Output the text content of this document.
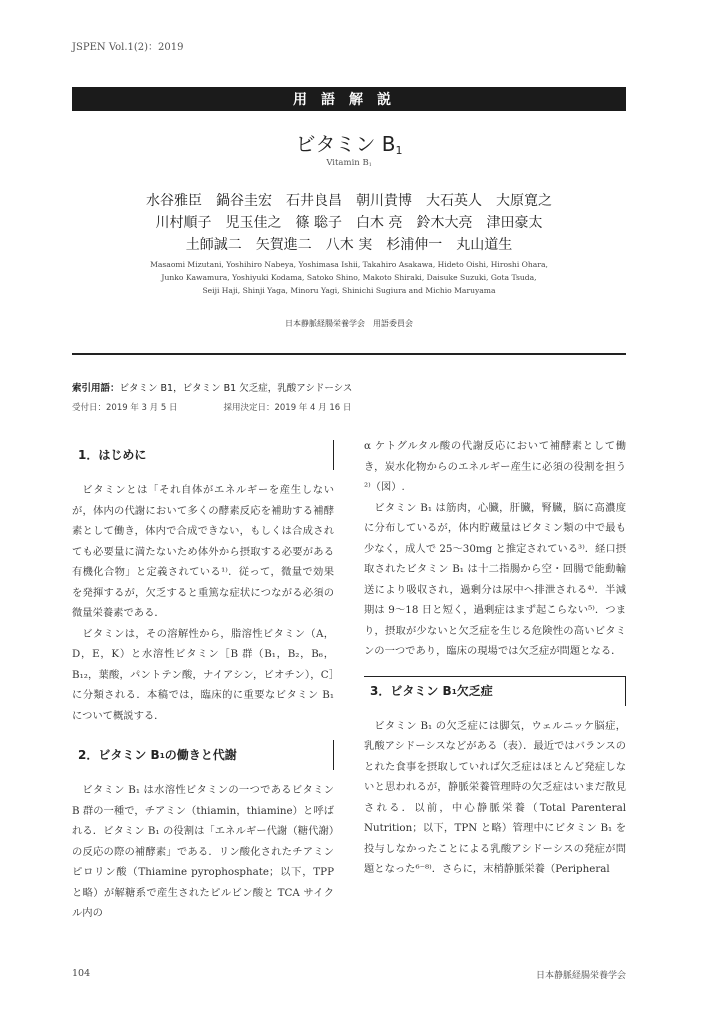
JSPEN Vol.1(2)：2019
用語解説
ビタミン $B_1$
Vitamin $B_1$
水谷雅臣　鍋谷圭宏　石井良昌　朝川貴博　大石英人　大原寛之
川村順子　児玉佳之　篠 聡子　白木 亮　鈴木大亮　津田豪太
土師誠二　矢賀進二　八木 実　杉浦伸一　丸山道生
Masaomi Mizutani, Yoshihiro Nabeya, Yoshimasa Ishii, Takahiro Asakawa, Hideto Oishi, Hiroshi Ohara,
Junko Kawamura, Yoshiyuki Kodama, Satoko Shino, Makoto Shiraki, Daisuke Suzuki, Gota Tsuda,
Seiji Haji, Shinji Yaga, Minoru Yagi, Shinichi Sugiura and Michio Maruyama
日本静脈経腸栄養学会　用語委員会
索引用語：ビタミン B1，ビタミン B1 欠乏症，乳酸アシドーシス
受付日：2019 年 3 月 5 日	採用決定日：2019 年 4 月 16 日
1．はじめに

ビタミンとは「それ自体がエネルギーを産生しないが，体内の代謝において多くの酵素反応を補助する補酵素として働き，体内で合成できない，もしくは合成されても必要量に満たないため体外から摂取する必要がある有機化合物」と定義されている¹⁾．従って，微量で効果を発揮するが，欠乏すると重篤な症状につながる必須の微量栄養素である．

ビタミンは，その溶解性から，脂溶性ビタミン（A，D，E，K）と水溶性ビタミン［B 群（B₁，B₂，B₆，B₁₂，葉酸，パントテン酸，ナイアシン，ビオチン），C］に分類される．本稿では，臨床的に重要なビタミン B₁ について概説する．

2．ビタミン $B_1$ の働きと代謝

ビタミン B₁ は水溶性ビタミンの一つであるビタミン B 群の一種で，チアミン（thiamin，thiamine）と呼ばれる．ビタミン B₁ の役割は「エネルギー代謝（糖代謝）の反応の際の補酵素」である．リン酸化されたチアミンピロリン酸（Thiamine pyrophosphate；以下，TPP と略）が解糖系で産生されたピルビン酸と TCA サイクル内の

α ケトグルタル酸の代謝反応において補酵素として働き，炭水化物からのエネルギー産生に必須の役割を担う²⁾（図）.

ビタミン B₁ は筋肉，心臓，肝臓，腎臓，脳に高濃度に分布しているが，体内貯蔵量はビタミン類の中で最も少なく，成人で 25～30mg と推定されている³⁾．経口摂取されたビタミン B₁ は十二指腸から空・回腸で能動輸送により吸収され，過剰分は尿中へ排泄される⁴⁾．半減期は 9～18 日と短く，過剰症はまず起こらない⁵⁾．つまり，摂取が少ないと欠乏症を生じる危険性の高いビタミンの一つであり，臨床の現場では欠乏症が問題となる．

3．ビタミン $B_1$ 欠乏症

ビタミン B₁ の欠乏症には脚気，ウェルニッケ脳症，乳酸アシドーシスなどがある（表）．最近ではバランスのとれた食事を摂取していれば欠乏症はほとんど発症しないと思われるが，静脈栄養管理時の欠乏症はいまだ散見される．以前，中心静脈栄養（Total Parenteral Nutrition；以下，TPN と略）管理中にビタミン B₁ を投与しなかったことによる乳酸アシドーシスの発症が問題となった⁶⁻⁸⁾．さらに，末梢静脈栄養（Peripheral

104	日本静脈経腸栄養学会
